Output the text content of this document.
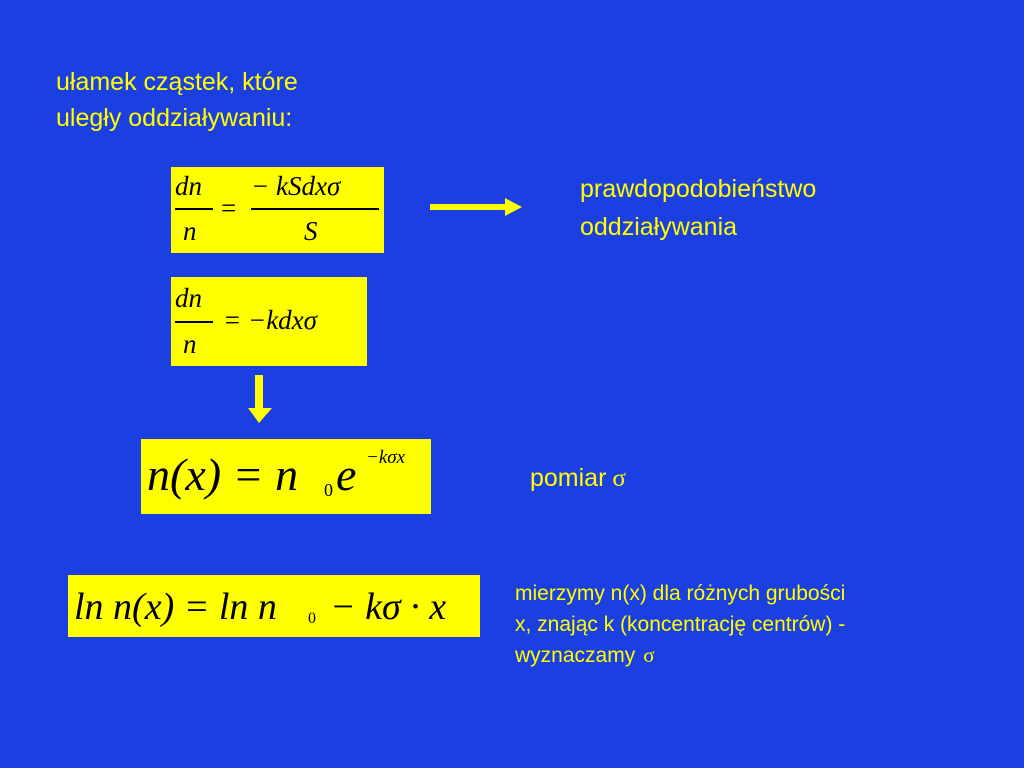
ułamek cząstek, które
uległy oddziaływaniu:
dn
n
=
− kSdxσ
S
prawdopodobieństwo
oddziaływania
dn
n
= −kdxσ
n(x) = n 0 e −kσx
pomiar σ
ln n(x) = ln n 0 − kσ · x	mierzymy n(x) dla różnych grubości
x, znając k (koncentrację centrów) -
wyznaczamy σ
